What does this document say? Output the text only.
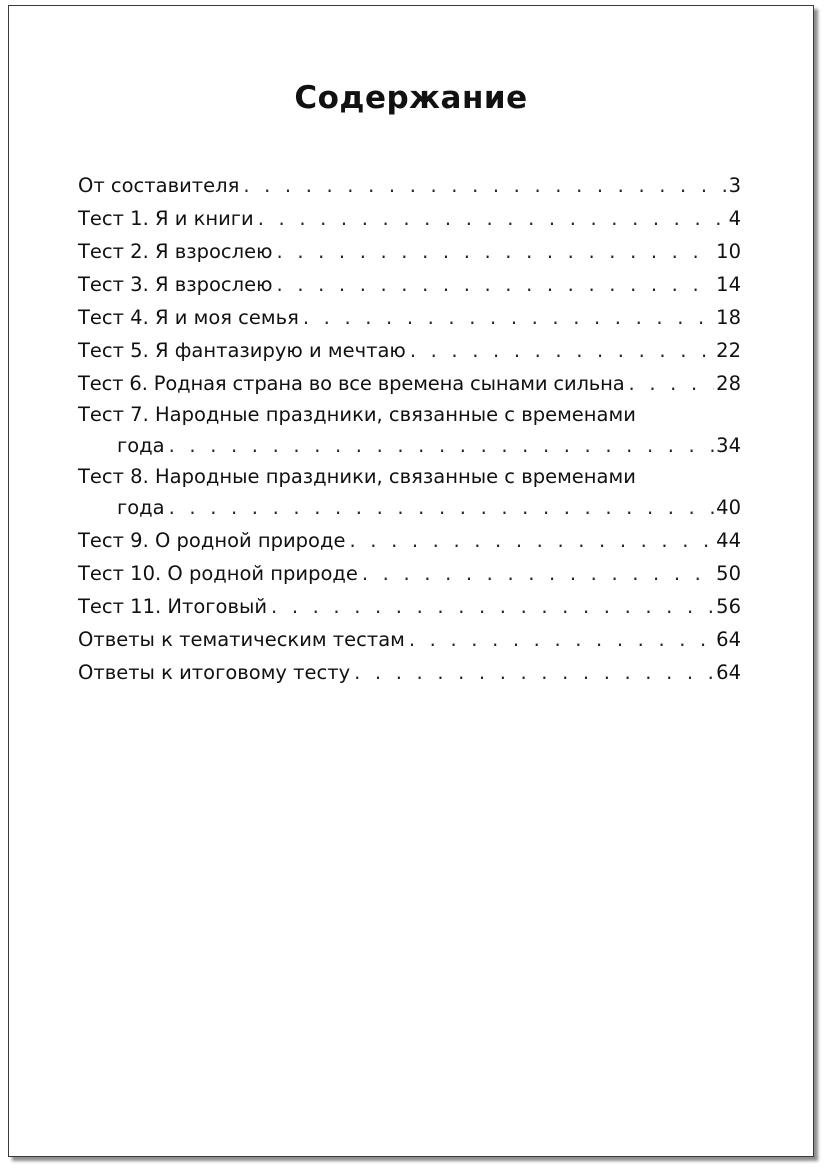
Содержание
От составителя . . .	3
Тест 1. Я и книги . . .	4
Тест 2. Я взрослею . . .	10
Тест 3. Я взрослею . . .	14
Тест 4. Я и моя семья . . .	18
Тест 5. Я фантазирую и мечтаю . . .	22
Тест 6. Родная страна во все времена сынами сильна . . .	28
Тест 7. Народные праздники, связанные с временами
года . . .	34
Тест 8. Народные праздники, связанные с временами
года . . .	40
Тест 9. О родной природе . . .	44
Тест 10. О родной природе . . .	50
Тест 11. Итоговый . . .	56
Ответы к тематическим тестам . . .	64
Ответы к итоговому тесту . . .	64
